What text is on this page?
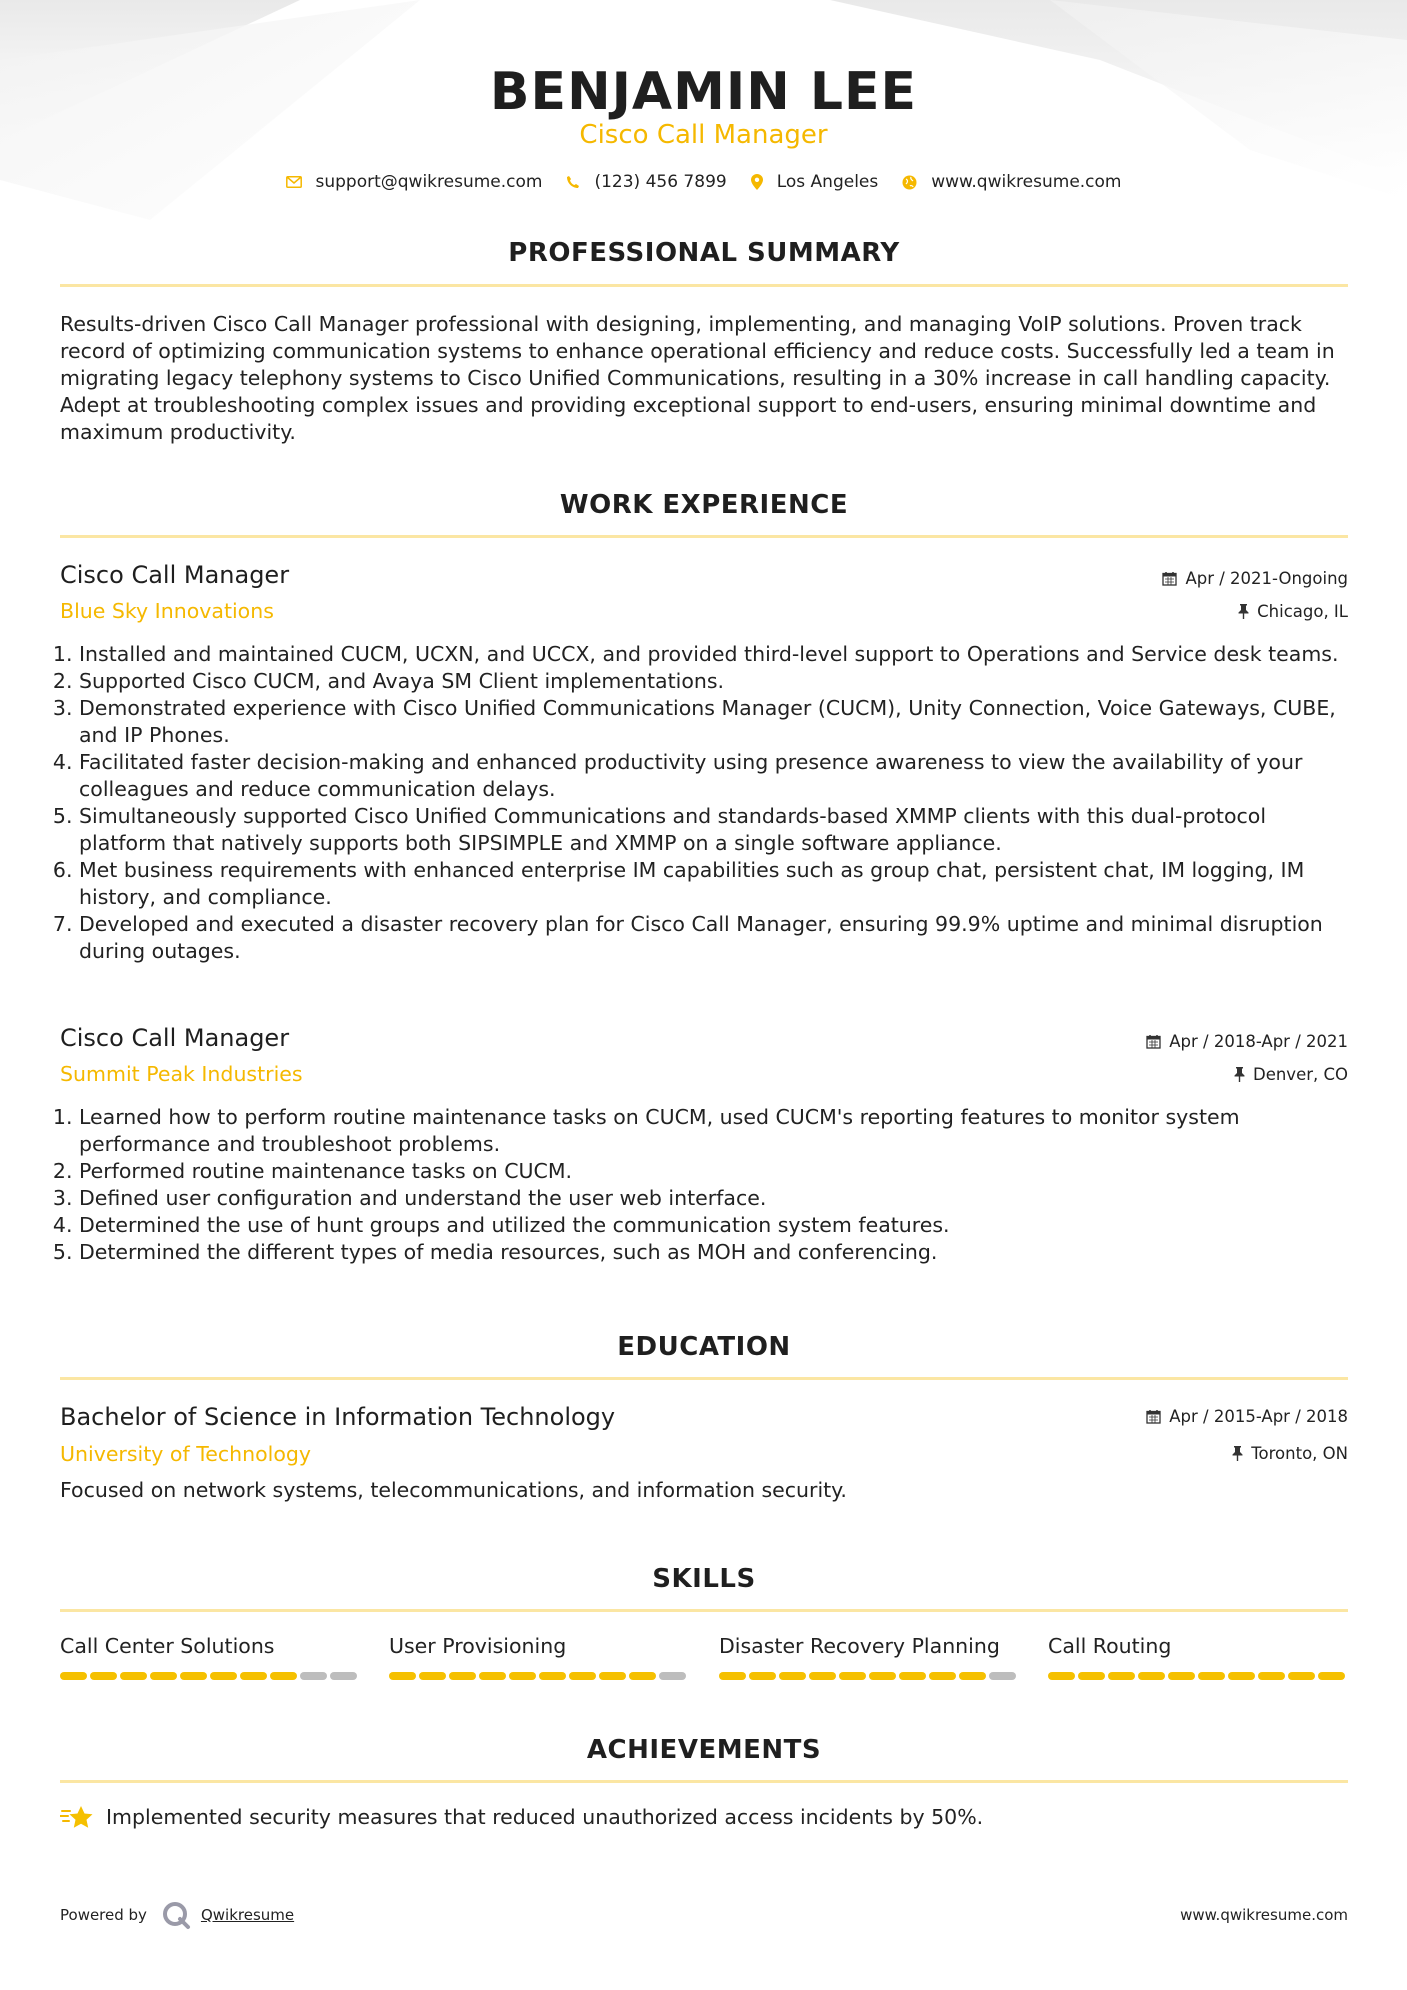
BENJAMIN LEE
Cisco Call Manager
support@qwikresume.com	(123) 456 7899	Los Angeles	www.qwikresume.com
PROFESSIONAL SUMMARY
Results-driven Cisco Call Manager professional with designing, implementing, and managing VoIP solutions. Proven track record of optimizing communication systems to enhance operational efficiency and reduce costs. Successfully led a team in migrating legacy telephony systems to Cisco Unified Communications, resulting in a 30% increase in call handling capacity. Adept at troubleshooting complex issues and providing exceptional support to end-users, ensuring minimal downtime and maximum productivity.
WORK EXPERIENCE
Cisco Call Manager	Apr / 2021-Ongoing
Blue Sky Innovations	Chicago, IL
1. Installed and maintained CUCM, UCXN, and UCCX, and provided third-level support to Operations and Service desk teams.
2. Supported Cisco CUCM, and Avaya SM Client implementations.
3. Demonstrated experience with Cisco Unified Communications Manager (CUCM), Unity Connection, Voice Gateways, CUBE, and IP Phones.
4. Facilitated faster decision-making and enhanced productivity using presence awareness to view the availability of your colleagues and reduce communication delays.
5. Simultaneously supported Cisco Unified Communications and standards-based XMMP clients with this dual-protocol platform that natively supports both SIPSIMPLE and XMMP on a single software appliance.
6. Met business requirements with enhanced enterprise IM capabilities such as group chat, persistent chat, IM logging, IM history, and compliance.
7. Developed and executed a disaster recovery plan for Cisco Call Manager, ensuring 99.9% uptime and minimal disruption during outages.
Cisco Call Manager	Apr / 2018-Apr / 2021
Summit Peak Industries	Denver, CO
1. Learned how to perform routine maintenance tasks on CUCM, used CUCM's reporting features to monitor system performance and troubleshoot problems.
2. Performed routine maintenance tasks on CUCM.
3. Defined user configuration and understand the user web interface.
4. Determined the use of hunt groups and utilized the communication system features.
5. Determined the different types of media resources, such as MOH and conferencing.
EDUCATION
Bachelor of Science in Information Technology	Apr / 2015-Apr / 2018
University of Technology	Toronto, ON
Focused on network systems, telecommunications, and information security.
SKILLS
Call Center Solutions	User Provisioning	Disaster Recovery Planning	Call Routing
ACHIEVEMENTS
Implemented security measures that reduced unauthorized access incidents by 50%.
Powered by	Qwikresume	www.qwikresume.com
